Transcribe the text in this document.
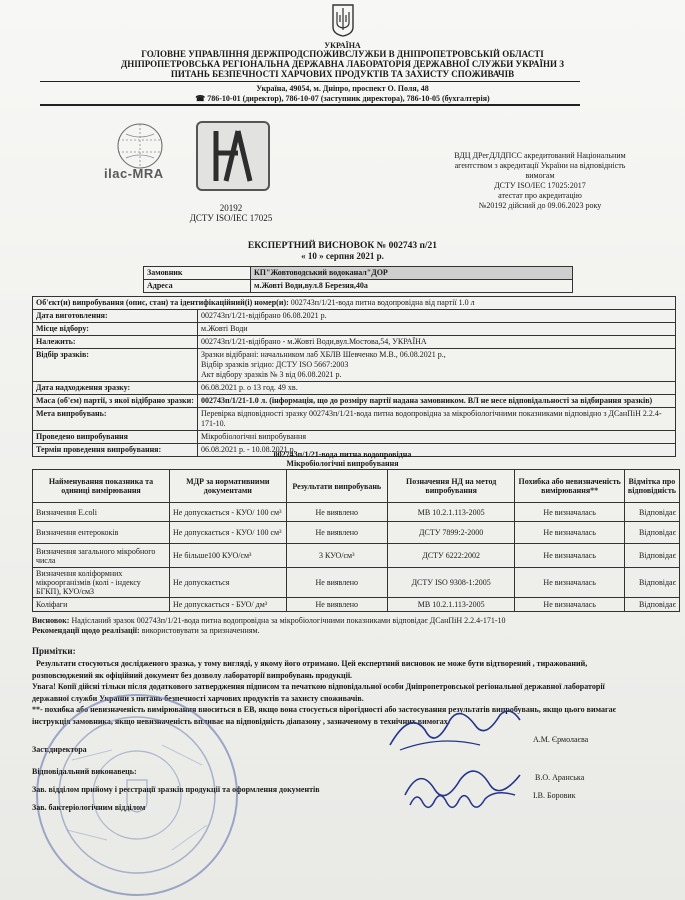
УКРАЇНА
ГОЛОВНЕ УПРАВЛІННЯ ДЕРЖПРОДСПОЖИВСЛУЖБИ В ДНІПРОПЕТРОВСЬКІЙ ОБЛАСТІ
ДНІПРОПЕТРОВСЬКА РЕГІОНАЛЬНА ДЕРЖАВНА ЛАБОРАТОРІЯ ДЕРЖАВНОЇ СЛУЖБИ УКРАЇНИ З
ПИТАНЬ БЕЗПЕЧНОСТІ ХАРЧОВИХ ПРОДУКТІВ ТА ЗАХИСТУ СПОЖИВАЧІВ
Україна, 49054, м. Дніпро, проспект О. Поля, 48
☎ 786-10-01 (директор), 786-10-07 (заступник директора), 786-10-05 (бухгалтерія)
ilac-MRA
20192
ДСТУ ISO/IEC 17025
ВДЦ ДРегДЛДПСС акредитований Національним
агентством з акредитації України на відповідність
вимогам
ДСТУ ISO/IEC 17025:2017
атестат про акредитацію
№20192 дійсний до 09.06.2023 року
ЕКСПЕРТНИЙ ВИСНОВОК № 002743 п/21
« 10 » серпня 2021 р.
Замовник	КП"Жовтоводський водоканал"ДОР
Адреса	м.Жовті Води,вул.8 Березня,40а
Об'єкт(и) випробування (опис, стан) та ідентифікаційний(і) номер(и): 002743п/1/21-вода питна водопровідна від партії 1.0 л	
Дата виготовлення:	002743п/1/21-відібрано 06.08.2021 р.
Місце відбору:	м.Жовті Води
Належить:	002743п/1/21-відібрано - м.Жовті Води,вул.Мостова,54, УКРАЇНА
Відбір зразків:	Зразки відібрані: начальником лаб ХБЛВ Шевченко М.В., 06.08.2021 р.,
Відбір зразків згідно: ДСТУ ISO 5667:2003
Акт відбору зразків № 3 від 06.08.2021 р.
Дата надходження зразку:	06.08.2021 р. о 13 год. 49 хв.
Маса (об'єм) партії, з якої відібрано зразки:	002743п/1/21-1.0 л. (інформація, що до розміру партії надана замовником. ВЛ не несе відповідальності за відбирання зразків)
Мета випробувань:	Перевірка відповідності зразку 002743п/1/21-вода питна водопровідна за мікробіологічними показниками відповідно з ДСанПіН 2.2.4-171-10.
Проведено випробування	Мікробіологічні випробування
Термін проведення випробування:	06.08.2021 р. - 10.08.2021 р.
002743п/1/21-вода питна водопровідна
Мікробіологічні випробування
Найменування показника та одиниці вимірювання	МДР за нормативними документами	Результати випробувань	Позначення НД на метод випробування	Похибка або невизначеність вимірювання**	Відмітка про відповідність
Визначення E.coli	Не допускається - КУО/ 100 см³	Не виявлено	МВ 10.2.1.113-2005	Не визначалась	Відповідає
Визначення ентерококів	Не допускається - КУО/ 100 см³	Не виявлено	ДСТУ 7899:2-2000	Не визначалась	Відповідає
Визначення загального мікробного числа	Не більше100 КУО/см³	3 КУО/см³	ДСТУ 6222:2002	Не визначалась	Відповідає
Визначення колiформних мікроорганізмів (колі - індексу БГКП), КУО/см3	Не допускається	Не виявлено	ДСТУ ISO 9308-1:2005	Не визначалась	Відповідає
Колiфаги	Не допускається - БУО/ дм³	Не виявлено	МВ 10.2.1.113-2005	Не визначалась	Відповідає
Висновок: Надісланий зразок 002743п/1/21-вода питна водопровідна за мікробіологічними показниками відповідає ДСанПіН 2.2.4-171-10
Рекомендації щодо реалізації: використовувати за призначенням.
Примітки:
Результати стосуються дослідженого зразка, у тому вигляді, у якому його отримано. Цей експертний висновок не може бути відтворений , тиражований,
розповсюджений як офіційний документ без дозволу лабораторії випробувань продукції.
Увага! Копії дійсні тільки після додаткового затвердження підписом та печаткою відповідальної особи Дніпропетровської регіональної державної лабораторії
державної служби України з питань безпечності харчових продуктів та захисту споживачів.
**- похибка або невизначеність вимірювання вноситься в ЕВ, якщо вона стосується вірогідності або застосування результатів випробувань, якщо цього вимагає
інструкція замовника, якщо невизначеність впливає на відповідність діапазону , зазначеному в технічних вимогах.
Заст.директора
А.М. Єрмолаєва
Відповідальний виконавець:
В.О. Аранська
Зав. відділом прийому і реєстрації зразків продукції та оформлення документів
І.В. Боровик
Зав. бактеріологічним відділом
